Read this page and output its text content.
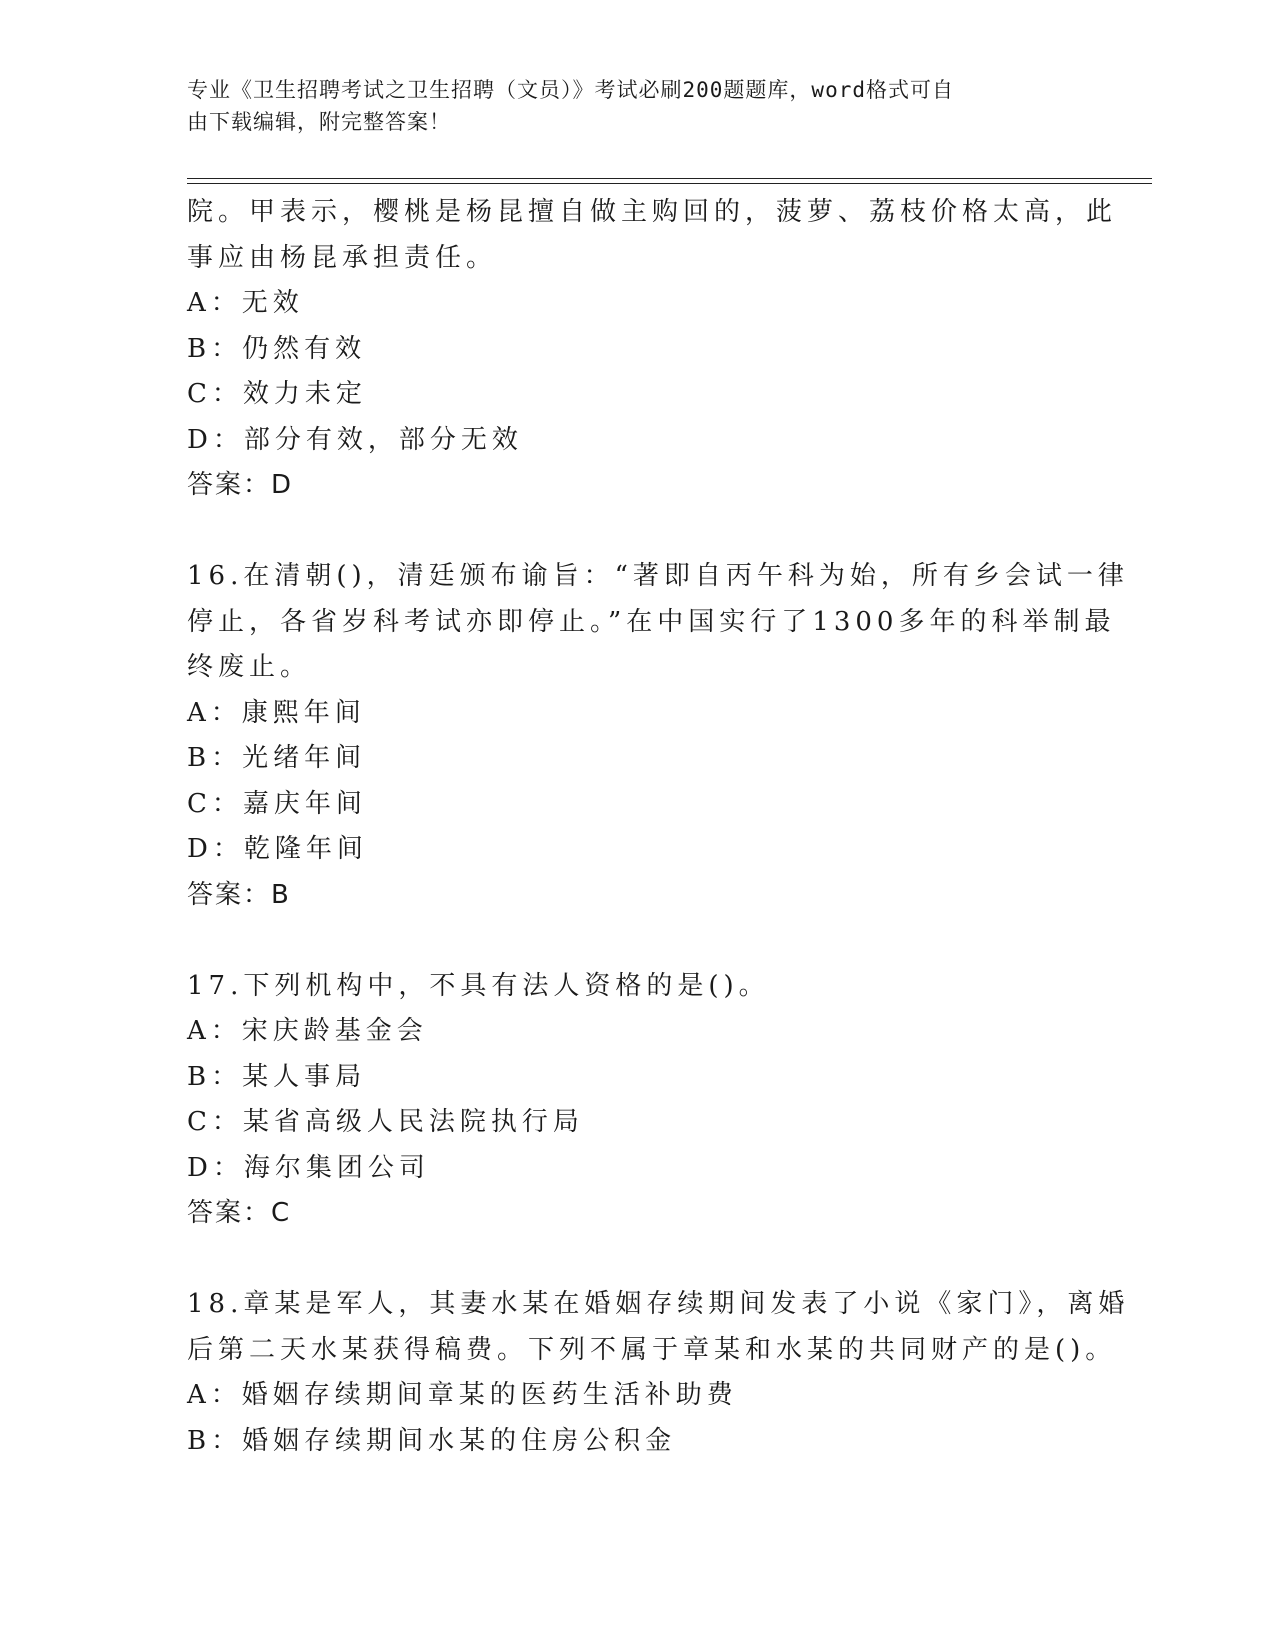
专业《卫生招聘考试之卫生招聘（文员）》考试必刷200题题库，word格式可自
由下载编辑，附完整答案！
院。甲表示，樱桃是杨昆擅自做主购回的，菠萝、荔枝价格太高，此
事应由杨昆承担责任。
A：无效
B：仍然有效
C：效力未定
D：部分有效，部分无效
答案：D
16.在清朝()，清廷颁布谕旨：“著即自丙午科为始，所有乡会试一律
停止，各省岁科考试亦即停止。”在中国实行了1300多年的科举制最
终废止。
A：康熙年间
B：光绪年间
C：嘉庆年间
D：乾隆年间
答案：B
17.下列机构中，不具有法人资格的是()。
A：宋庆龄基金会
B：某人事局
C：某省高级人民法院执行局
D：海尔集团公司
答案：C
18.章某是军人，其妻水某在婚姻存续期间发表了小说《家门》，离婚
后第二天水某获得稿费。下列不属于章某和水某的共同财产的是()。
A：婚姻存续期间章某的医药生活补助费
B：婚姻存续期间水某的住房公积金
